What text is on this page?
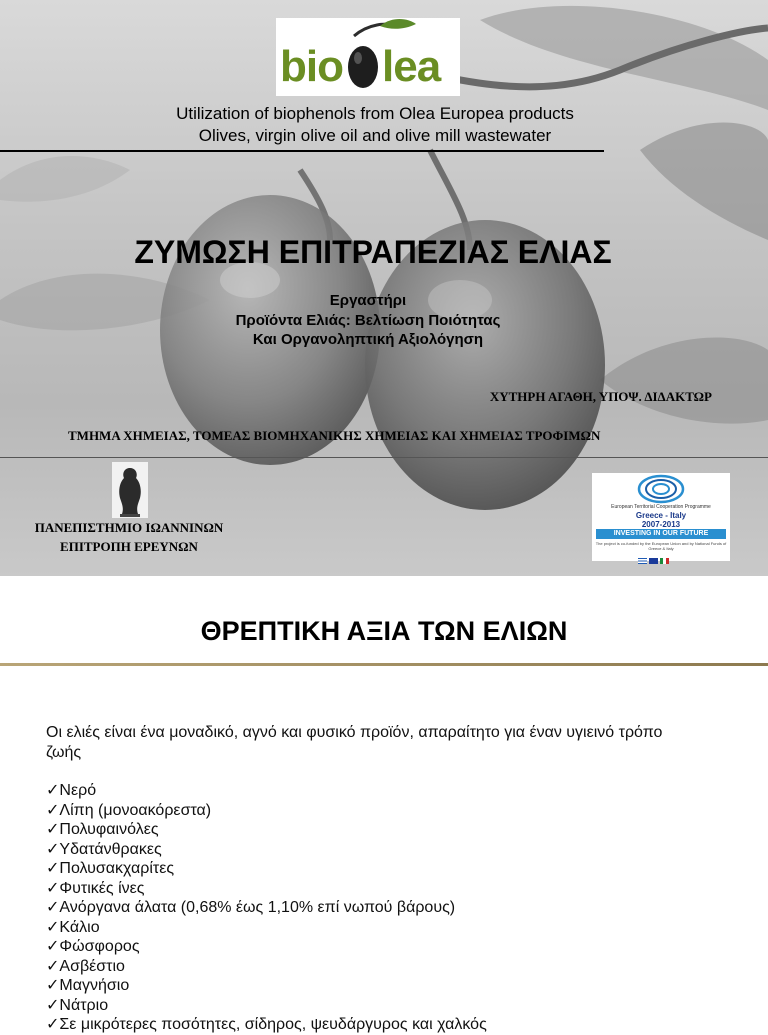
bio lea
Utilization of biophenols from Olea Europea products
Olives, virgin olive oil and olive mill wastewater
ΖΥΜΩΣΗ ΕΠΙΤΡΑΠΕΖΙΑΣ ΕΛΙΑΣ
Εργαστήρι
Προϊόντα Ελιάς: Βελτίωση Ποιότητας
Και Οργανοληπτική Αξιολόγηση
ΧΥΤΗΡΗ ΑΓΑΘΗ, ΥΠΟΨ. ΔΙΔΑΚΤΩΡ
ΤΜΗΜΑ ΧΗΜΕΙΑΣ, ΤΟΜΕΑΣ ΒΙΟΜΗΧΑΝΙΚΗΣ ΧΗΜΕΙΑΣ ΚΑΙ ΧΗΜΕΙΑΣ ΤΡΟΦΙΜΩΝ
ΠΑΝΕΠΙΣΤΗΜΙΟ ΙΩΑΝΝΙΝΩΝ
ΕΠΙΤΡΟΠΗ ΕΡΕΥΝΩΝ
European Territorial Cooperation Programme
Greece - Italy
2007-2013
INVESTING IN OUR FUTURE
The project is co-funded by the European Union and by National Funds of Greece & Italy
ΘΡΕΠΤΙΚΗ ΑΞΙΑ ΤΩΝ ΕΛΙΩΝ
Οι ελιές είναι ένα μοναδικό, αγνό και φυσικό προϊόν, απαραίτητο για έναν υγιεινό τρόπο ζωής
✓Νερό
✓Λίπη (μονοακόρεστα)
✓Πολυφαινόλες
✓Υδατάνθρακες
✓Πολυσακχαρίτες
✓Φυτικές ίνες
✓Ανόργανα άλατα (0,68% έως 1,10% επί νωπού βάρους)
✓Κάλιο
✓Φώσφορος
✓Ασβέστιο
✓Μαγνήσιο
✓Νάτριο
✓Σε μικρότερες ποσότητες, σίδηρος, ψευδάργυρος και χαλκός
